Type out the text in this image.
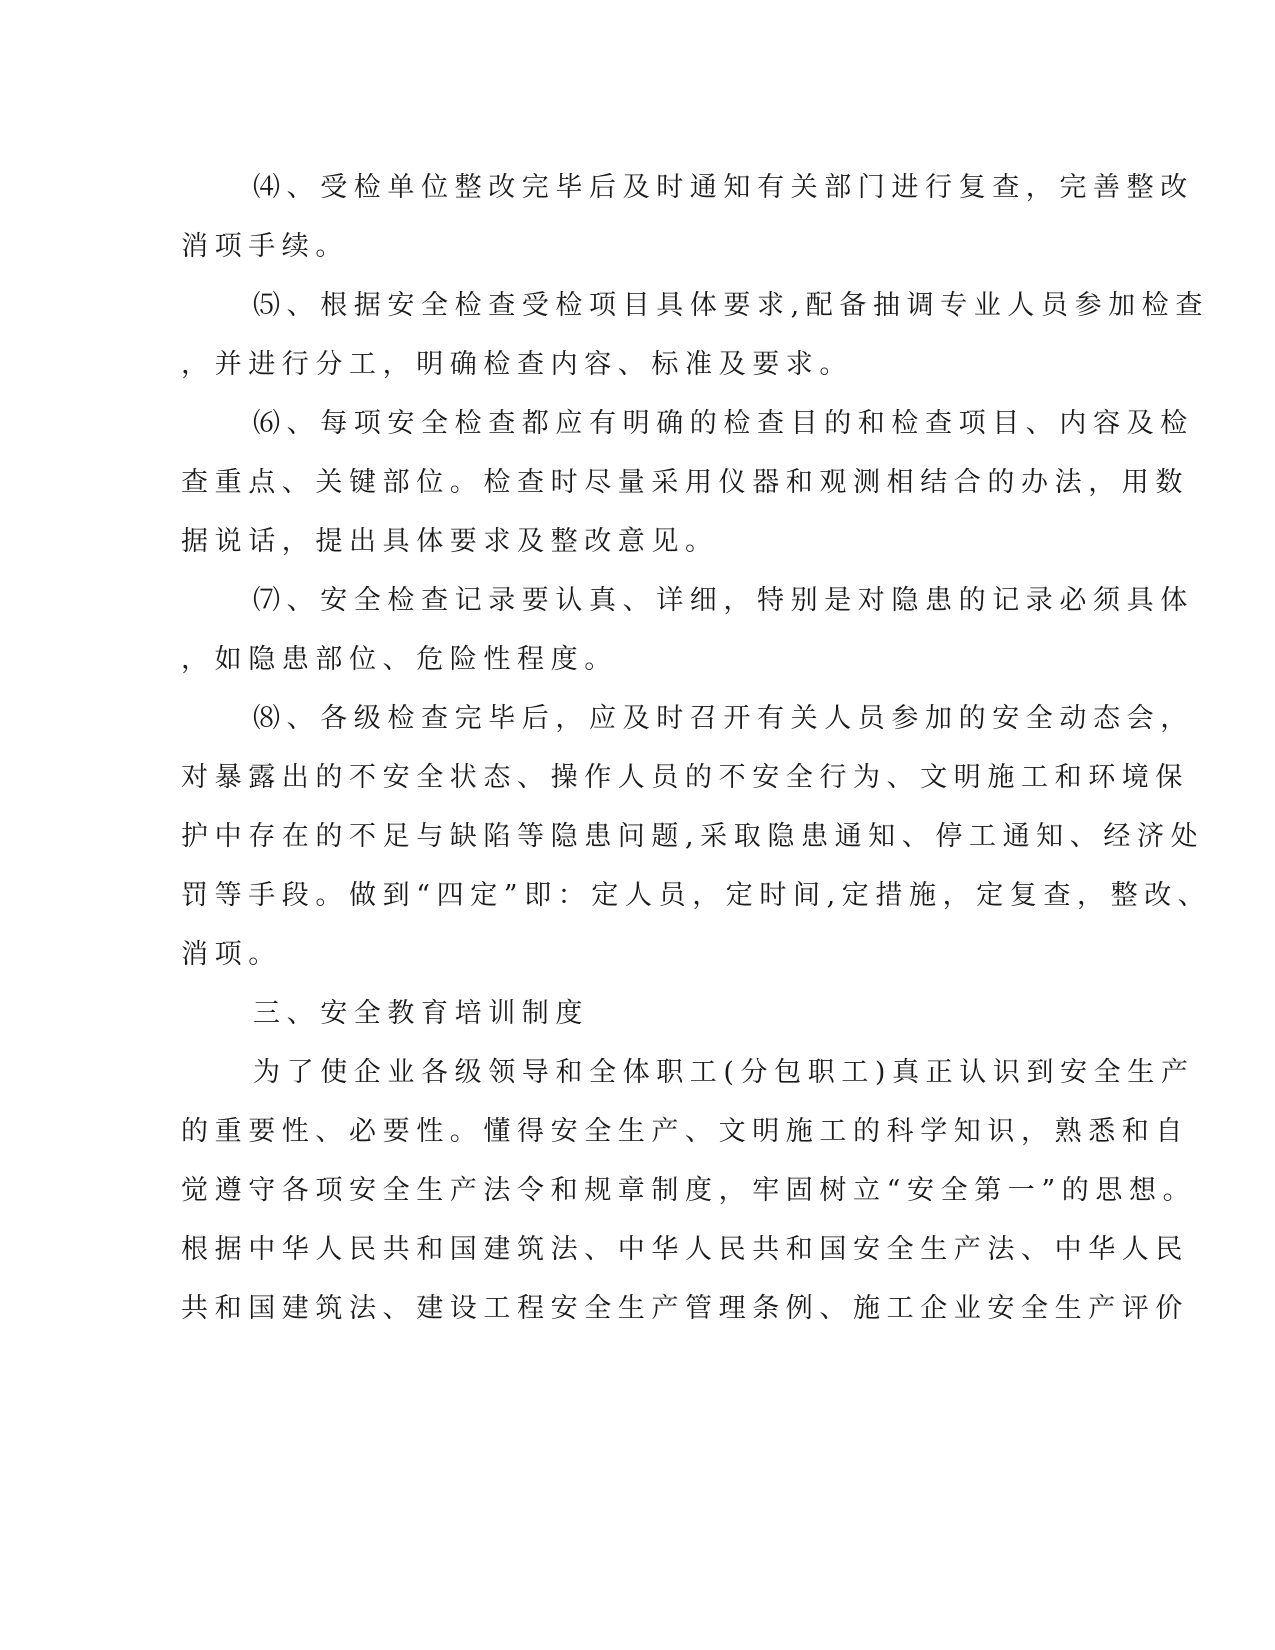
⑷、受检单位整改完毕后及时通知有关部门进行复查，完善整改
消项手续。
⑸、根据安全检查受检项目具体要求,配备抽调专业人员参加检查
，并进行分工，明确检查内容、标准及要求。
⑹、每项安全检查都应有明确的检查目的和检查项目、内容及检
查重点、关键部位。检查时尽量采用仪器和观测相结合的办法，用数
据说话，提出具体要求及整改意见。
⑺、安全检查记录要认真、详细，特别是对隐患的记录必须具体
，如隐患部位、危险性程度。
⑻、各级检查完毕后，应及时召开有关人员参加的安全动态会，
对暴露出的不安全状态、操作人员的不安全行为、文明施工和环境保
护中存在的不足与缺陷等隐患问题,采取隐患通知、停工通知、经济处
罚等手段。做到“四定”即：定人员，定时间,定措施，定复查，整改、
消项。
三、安全教育培训制度
为了使企业各级领导和全体职工(分包职工)真正认识到安全生产
的重要性、必要性。懂得安全生产、文明施工的科学知识，熟悉和自
觉遵守各项安全生产法令和规章制度，牢固树立“安全第一”的思想。
根据中华人民共和国建筑法、中华人民共和国安全生产法、中华人民
共和国建筑法、建设工程安全生产管理条例、施工企业安全生产评价
